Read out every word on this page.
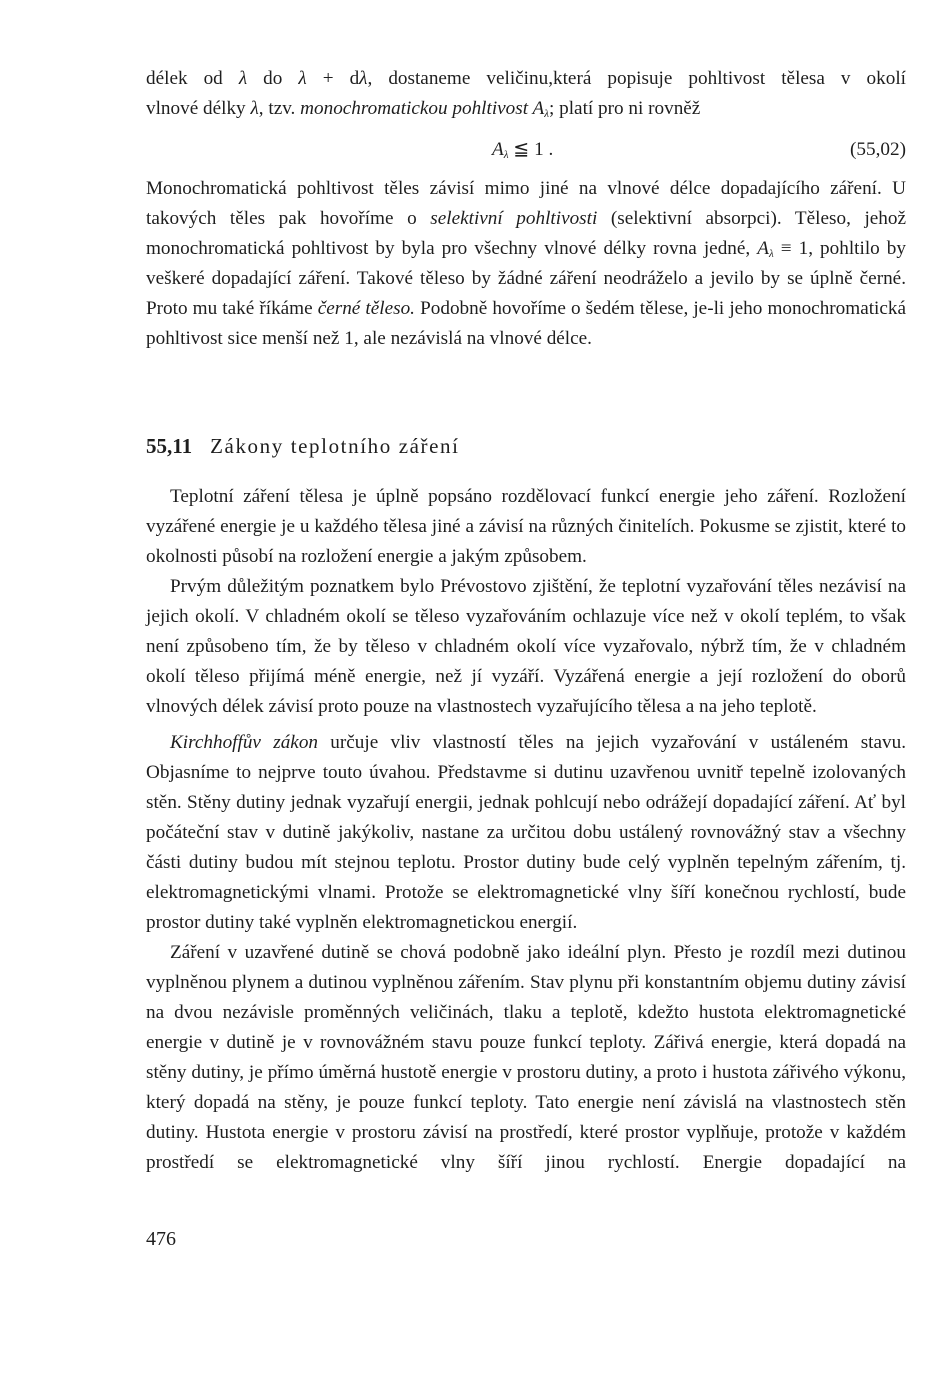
délek od λ do λ + dλ, dostaneme veličinu,která popisuje pohltivost tělesa v okolí

vlnové délky λ, tzv. monochromatickou pohltivost $A_\lambda$; platí pro ni rovněž

$A_\lambda$ ≦ 1 .	(55,02)

Monochromatická pohltivost těles závisí mimo jiné na vlnové délce dopadajícího záření. U takových těles pak hovoříme o selektivní pohltivosti (selektivní absorpci). Těleso, jehož monochromatická pohltivost by byla pro všechny vlnové délky rovna jedné, $A_\lambda \equiv 1$, pohltilo by veškeré dopadající záření. Takové těleso by žádné záření neodráželo a jevilo by se úplně černé. Proto mu také říkáme černé těleso. Podobně hovoříme o šedém tělese, je-li jeho monochromatická pohltivost sice menší než 1, ale nezávislá na vlnové délce.

55,11 Zákony teplotního záření

Teplotní záření tělesa je úplně popsáno rozdělovací funkcí energie jeho záření. Rozložení vyzářené energie je u každého tělesa jiné a závisí na různých činitelích. Pokusme se zjistit, které to okolnosti působí na rozložení energie a jakým způsobem.

Prvým důležitým poznatkem bylo Prévostovo zjištění, že teplotní vyzařování těles nezávisí na jejich okolí. V chladném okolí se těleso vyzařováním ochlazuje více než v okolí teplém, to však není způsobeno tím, že by těleso v chladném okolí více vyzařovalo, nýbrž tím, že v chladném okolí těleso přijímá méně energie, než jí vyzáří. Vyzářená energie a její rozložení do oborů vlnových délek závisí proto pouze na vlastnostech vyzařujícího tělesa a na jeho teplotě.

Kirchhoffův zákon určuje vliv vlastností těles na jejich vyzařování v ustáleném stavu. Objasníme to nejprve touto úvahou. Představme si dutinu uzavřenou uvnitř tepelně izolovaných stěn. Stěny dutiny jednak vyzařují energii, jednak pohlcují nebo odrážejí dopadající záření. Ať byl počáteční stav v dutině jakýkoliv, nastane za určitou dobu ustálený rovnovážný stav a všechny části dutiny budou mít stejnou teplotu. Prostor dutiny bude celý vyplněn tepelným zářením, tj. elektromagnetickými vlnami. Protože se elektromagnetické vlny šíří konečnou rychlostí, bude prostor dutiny také vyplněn elektromagnetickou energií.

Záření v uzavřené dutině se chová podobně jako ideální plyn. Přesto je rozdíl mezi dutinou vyplněnou plynem a dutinou vyplněnou zářením. Stav plynu při konstantním objemu dutiny závisí na dvou nezávisle proměnných veličinách, tlaku a teplotě, kdežto hustota elektromagnetické energie v dutině je v rovnovážném stavu pouze funkcí teploty. Zářivá energie, která dopadá na stěny dutiny, je přímo úměrná hustotě energie v prostoru dutiny, a proto i hustota zářivého výkonu, který dopadá na stěny, je pouze funkcí teploty. Tato energie není závislá na vlastnostech stěn dutiny. Hustota energie v prostoru závisí na prostředí, které prostor vyplňuje, protože v každém prostředí se elektromagnetické vlny šíří jinou rychlostí. Energie dopadající na

476
